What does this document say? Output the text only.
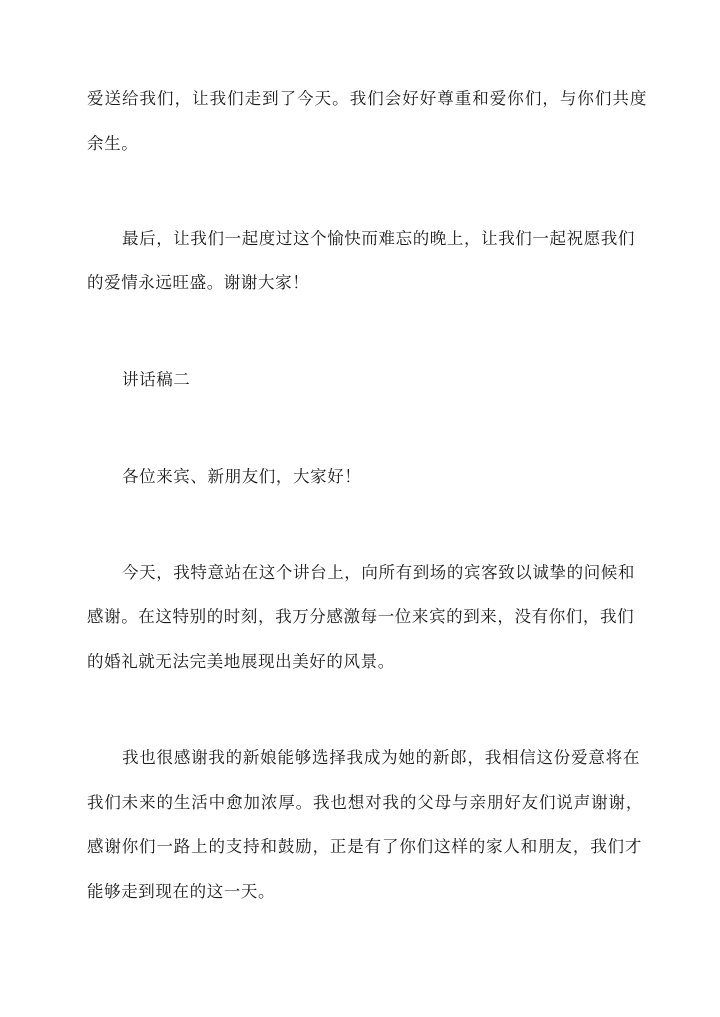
爱送给我们，让我们走到了今天。我们会好好尊重和爱你们，与你们共度
余生。
最后，让我们一起度过这个愉快而难忘的晚上，让我们一起祝愿我们
的爱情永远旺盛。谢谢大家！
讲话稿二
各位来宾、新朋友们，大家好！
今天，我特意站在这个讲台上，向所有到场的宾客致以诚挚的问候和
感谢。在这特别的时刻，我万分感激每一位来宾的到来，没有你们，我们
的婚礼就无法完美地展现出美好的风景。
我也很感谢我的新娘能够选择我成为她的新郎，我相信这份爱意将在
我们未来的生活中愈加浓厚。我也想对我的父母与亲朋好友们说声谢谢，
感谢你们一路上的支持和鼓励，正是有了你们这样的家人和朋友，我们才
能够走到现在的这一天。
